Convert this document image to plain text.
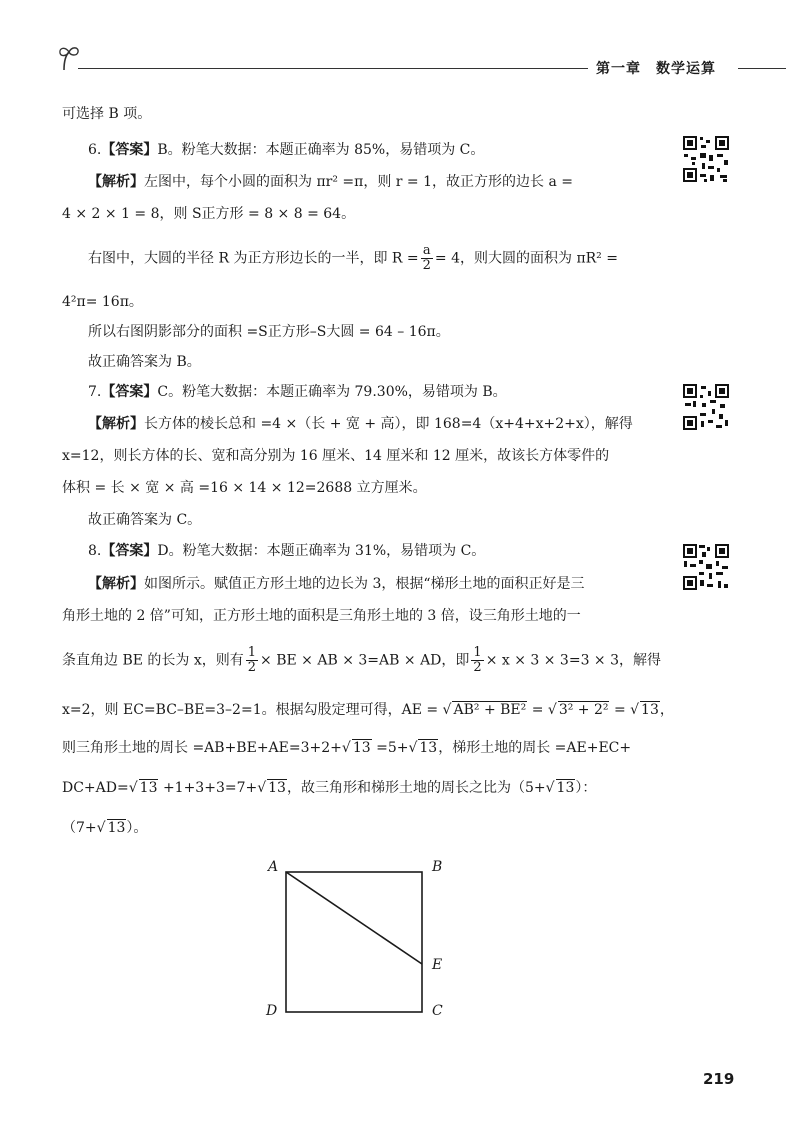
第一章　数学运算
可选择 B 项。
6.【答案】B。粉笔大数据：本题正确率为 85%，易错项为 C。
【解析】左图中，每个小圆的面积为 πr² =π，则 r = 1，故正方形的边长 a =
4 × 2 × 1 = 8，则 S正方形 = 8 × 8 = 64。
右图中，大圆的半径 R 为正方形边长的一半，即 $R = \frac{a}{2} = 4$，则大圆的面积为 πR² =
4²π= 16π。
所以右图阴影部分的面积 =S正方形–S大圆 = 64 – 16π。
故正确答案为 B。
7.【答案】C。粉笔大数据：本题正确率为 79.30%，易错项为 B。
【解析】长方体的棱长总和 =4 ×（长 + 宽 + 高），即 168=4（x+4+x+2+x），解得
x=12，则长方体的长、宽和高分别为 16 厘米、14 厘米和 12 厘米，故该长方体零件的
体积 = 长 × 宽 × 高 =16 × 14 × 12=2688 立方厘米。
故正确答案为 C。
8.【答案】D。粉笔大数据：本题正确率为 31%，易错项为 C。
【解析】如图所示。赋值正方形土地的边长为 3，根据“梯形土地的面积正好是三
角形土地的 2 倍”可知，正方形土地的面积是三角形土地的 3 倍，设三角形土地的一
条直角边 BE 的长为 x，则有 $\frac{1}{2}$ × BE × AB × 3=AB × AD，即 $\frac{1}{2} \times x \times 3 \times 3=3 \times 3$，解得
x=2，则 EC=BC–BE=3–2=1。根据勾股定理可得，AE = √ AB² + BE² = √ 3² + 2² = √ 13，
则三角形土地的周长 =AB+BE+AE=3+2+√ 13 =5+√ 13，梯形土地的周长 =AE+EC+
DC+AD=√ 13 +1+3+3=7+√ 13，故三角形和梯形土地的周长之比为（5+√ 13）：
（7+√ 13）。
A	B
E
D	C
219
